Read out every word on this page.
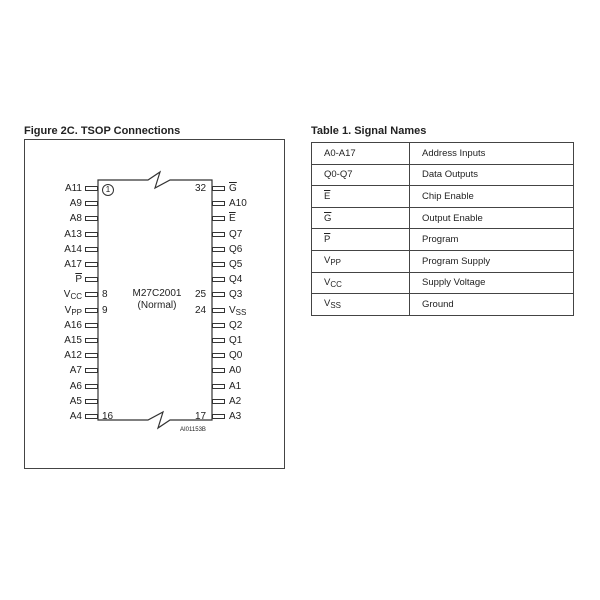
Figure 2C. TSOP Connections
A11	1
A9
A8
A13
A14
A17
$\overline{P}$
$V_{CC}$ 8
$V_{PP}$ 9
A16
A15
A12
A7
A6
A5
A4 16
$\overline{G}$
32
A10
$\overline{E}$
Q7
Q6
Q5
Q4
Q3
25
$V_{SS}$
24
Q2
Q1
Q0
A0
A1
A2
A3
17
M27C2001
(Normal)
AI01153B
Table 1. Signal Names
A0-A17	Address Inputs
Q0-Q7	Data Outputs
$\overline{E}$	Chip Enable
$\overline{G}$	Output Enable
$\overline{P}$	Program
$V_{PP}$	Program Supply
$V_{CC}$	Supply Voltage
$V_{SS}$	Ground
